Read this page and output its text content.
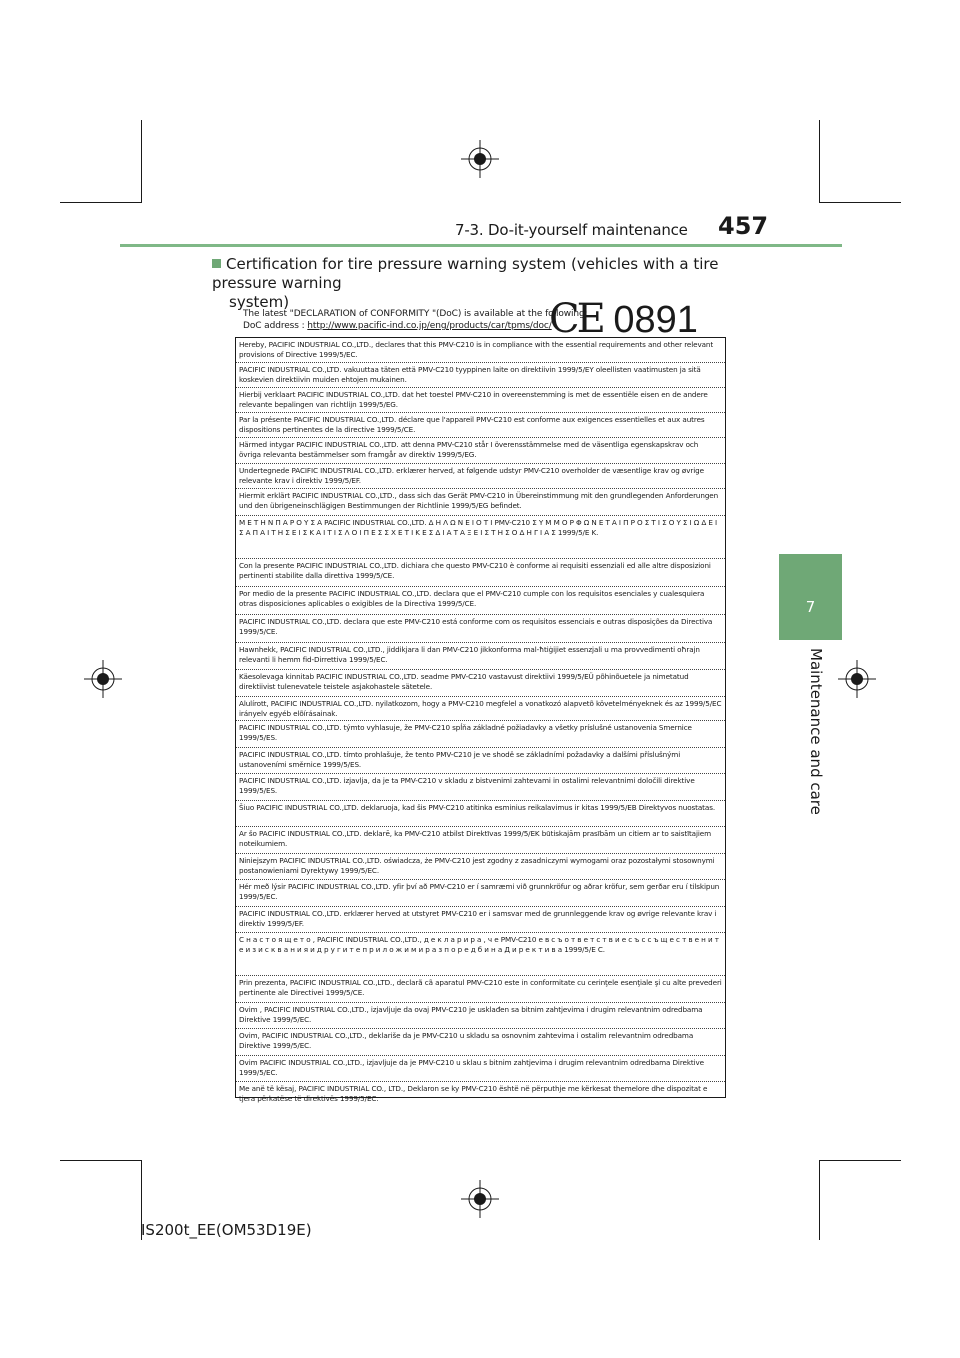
7-3. Do-it-yourself maintenance 457
7
Maintenance and care
Certification for tire pressure warning system (vehicles with a tire pressure warning
system)
The latest "DECLARATION of CONFORMITY "(DoC) is available at the following:
DoC address : http://www.pacific-ind.co.jp/eng/products/car/tpms/doc/
CE 0891
Hereby, PACIFIC INDUSTRIAL CO.,LTD., declares that this PMV-C210 is in compliance with the essential requirements and other relevant provisions of Directive 1999/5/EC.
PACIFIC INDUSTRIAL CO.,LTD. vakuuttaa täten että PMV-C210 tyyppinen laite on direktiivin 1999/5/EY oleellisten vaatimusten ja sitä koskevien direktiivin muiden ehtojen mukainen.
Hierbij verklaart PACIFIC INDUSTRIAL CO.,LTD. dat het toestel PMV-C210 in overeenstemming is met de essentiële eisen en de andere relevante bepalingen van richtlijn 1999/5/EG.
Par la présente PACIFIC INDUSTRIAL CO.,LTD. déclare que l'appareil PMV-C210 est conforme aux exigences essentielles et aux autres dispositions pertinentes de la directive 1999/5/CE.
Härmed intygar PACIFIC INDUSTRIAL CO.,LTD. att denna PMV-C210 står I överensstämmelse med de väsentliga egenskapskrav och övriga relevanta bestämmelser som framgår av direktiv 1999/5/EG.
Undertegnede PACIFIC INDUSTRIAL CO.,LTD. erklærer herved, at følgende udstyr PMV-C210 overholder de væsentlige krav og øvrige relevante krav i direktiv 1999/5/EF.
Hiermit erklärt PACIFIC INDUSTRIAL CO.,LTD., dass sich das Gerät PMV-C210 in Übereinstimmung mit den grundlegenden Anforderungen und den übrigeneinschlägigen Bestimmungen der Richtlinie 1999/5/EG befindet.
Μ Ε Τ Η Ν Π Α Ρ Ο Υ Σ Α PACIFIC INDUSTRIAL CO.,LTD. Δ Η Λ Ω Ν Ε Ι Ο Τ Ι PMV-C210 Σ Υ Μ Μ Ο Ρ Φ Ω Ν Ε Τ Α Ι Π Ρ Ο Σ Τ Ι Σ Ο Υ Σ Ι Ω Δ Ε Ι Σ Α Π Α Ι Τ Η Σ Ε Ι Σ Κ Α Ι Τ Ι Σ Λ Ο Ι Π Ε Σ Σ Χ Ε Τ Ι Κ Ε Σ Δ Ι Α Τ Α Ξ Ε Ι Σ Τ Η Σ Ο Δ Η Γ Ι Α Σ 1999/5/Ε Κ.
Con la presente PACIFIC INDUSTRIAL CO.,LTD. dichiara che questo PMV-C210 è conforme ai requisiti essenziali ed alle altre disposizioni pertinenti stabilite dalla direttiva 1999/5/CE.
Por medio de la presente PACIFIC INDUSTRIAL CO.,LTD. declara que el PMV-C210 cumple con los requisitos esenciales y cualesquiera otras disposiciones aplicables o exigibles de la Directiva 1999/5/CE.
PACIFIC INDUSTRIAL CO.,LTD. declara que este PMV-C210 está conforme com os requisitos essenciais e outras disposições da Directiva 1999/5/CE.
Hawnhekk, PACIFIC INDUSTRIAL CO.,LTD., jiddikjara li dan PMV-C210 jikkonforma mal-ħtiġijiet essenzjali u ma provvedimenti oħrajn relevanti li hemm fid-Dirrettiva 1999/5/EC.
Käesolevaga kinnitab PACIFIC INDUSTRIAL CO.,LTD. seadme PMV-C210 vastavust direktiivi 1999/5/EÜ põhinõuetele ja nimetatud direktiivist tulenevatele teistele asjakohastele sätetele.
Alulírott, PACIFIC INDUSTRIAL CO.,LTD. nyilatkozom, hogy a PMV-C210 megfelel a vonatkozó alapvetõ követelményeknek és az 1999/5/EC irányelv egyéb elõírásainak.
PACIFIC INDUSTRIAL CO.,LTD. týmto vyhlasuje, že PMV-C210 spĺňa základné požiadavky a všetky príslušné ustanovenia Smernice 1999/5/ES.
PACIFIC INDUSTRIAL CO.,LTD. tímto prohlašuje, že tento PMV-C210 je ve shodě se základními požadavky a dalšími příslušnými ustanoveními směrnice 1999/5/ES.
PACIFIC INDUSTRIAL CO.,LTD. izjavlja, da je ta PMV-C210 v skladu z bistvenimi zahtevami in ostalimi relevantnimi določili direktive 1999/5/ES.
Šiuo PACIFIC INDUSTRIAL CO.,LTD. deklaruoja, kad šis PMV-C210 atitinka esminius reikalavimus ir kitas 1999/5/EB Direktyvos nuostatas.
Ar šo PACIFIC INDUSTRIAL CO.,LTD. deklarē, ka PMV-C210 atbilst Direktīvas 1999/5/EK būtiskajām prasībām un citiem ar to saistītajiem noteikumiem.
Niniejszym PACIFIC INDUSTRIAL CO.,LTD. oświadcza, że PMV-C210 jest zgodny z zasadniczymi wymogami oraz pozostałymi stosownymi postanowieniami Dyrektywy 1999/5/EC.
Hér með lýsir PACIFIC INDUSTRIAL CO.,LTD. yfir því að PMV-C210 er í samræmi við grunnkröfur og aðrar kröfur, sem gerðar eru í tilskipun 1999/5/EC.
PACIFIC INDUSTRIAL CO.,LTD. erklærer herved at utstyret PMV-C210 er i samsvar med de grunnleggende krav og øvrige relevante krav i direktiv 1999/5/EF.
С н а с т о я щ е т о , PACIFIC INDUSTRIAL CO.,LTD., д е к л а р и р а , ч е PMV-C210 е в с ъ о т в е т с т в и е с ъ с с ъ щ е с т в е н и т е и з и с к в а н и я и д р у г и т е п р и л о ж и м и р а з п о р е д б и н а Д и р е к т и в а 1999/5/Е С.
Prin prezenta, PACIFIC INDUSTRIAL CO.,LTD., declarã cã aparatul PMV-C210 este in conformitate cu cerinţele esenţiale şi cu alte prevederi pertinente ale Directivei 1999/5/CE.
Ovim , PACIFIC INDUSTRIAL CO.,LTD., izjavljuje da ovaj PMV-C210 je usklađen sa bitnim zahtjevima i drugim relevantnim odredbama Direktive 1999/5/EC.
Ovim, PACIFIC INDUSTRIAL CO.,LTD., deklariše da je PMV-C210 u skladu sa osnovnim zahtevima i ostalim relevantnim odredbama Direktive 1999/5/EC.
Ovim PACIFIC INDUSTRIAL CO.,LTD., izjavljuje da je PMV-C210 u sklau s bitnim zahtjevima i drugim relevantnim odredbama Direktive 1999/5/EC.
Me anë të kësaj, PACIFIC INDUSTRIAL CO., LTD., Deklaron se ky PMV-C210 është në përputhje me kërkesat themelore dhe dispozitat e tjera përkatëse të direktivës 1999/5/EC.
IS200t_EE(OM53D19E)
